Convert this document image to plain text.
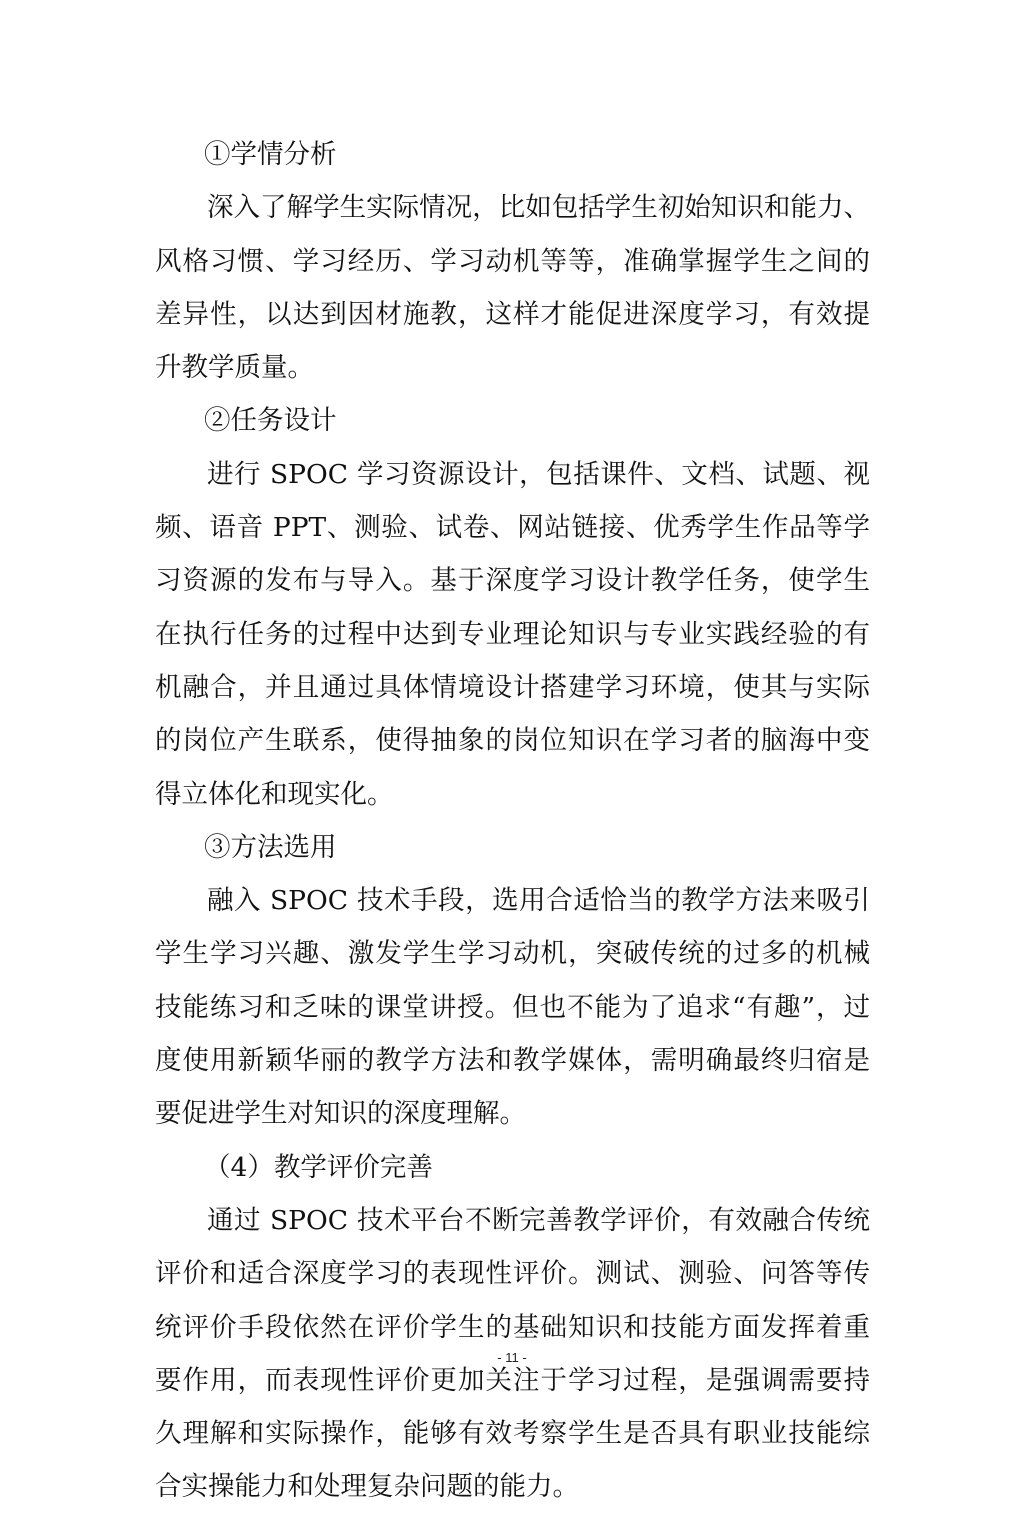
①学情分析

深入了解学生实际情况，比如包括学生初始知识和能力、风格习惯、学习经历、学习动机等等，准确掌握学生之间的差异性，以达到因材施教，这样才能促进深度学习，有效提升教学质量。

②任务设计

进行 SPOC 学习资源设计，包括课件、文档、试题、视频、语音 PPT、测验、试卷、网站链接、优秀学生作品等学习资源的发布与导入。基于深度学习设计教学任务，使学生在执行任务的过程中达到专业理论知识与专业实践经验的有机融合，并且通过具体情境设计搭建学习环境，使其与实际的岗位产生联系，使得抽象的岗位知识在学习者的脑海中变得立体化和现实化。

③方法选用

融入 SPOC 技术手段，选用合适恰当的教学方法来吸引学生学习兴趣、激发学生学习动机，突破传统的过多的机械技能练习和乏味的课堂讲授。但也不能为了追求“有趣”，过度使用新颖华丽的教学方法和教学媒体，需明确最终归宿是要促进学生对知识的深度理解。

（4）教学评价完善

通过 SPOC 技术平台不断完善教学评价，有效融合传统评价和适合深度学习的表现性评价。测试、测验、问答等传统评价手段依然在评价学生的基础知识和技能方面发挥着重要作用，而表现性评价更加关注于学习过程，是强调需要持久理解和实际操作，能够有效考察学生是否具有职业技能综合实操能力和处理复杂问题的能力。

- 11 -
